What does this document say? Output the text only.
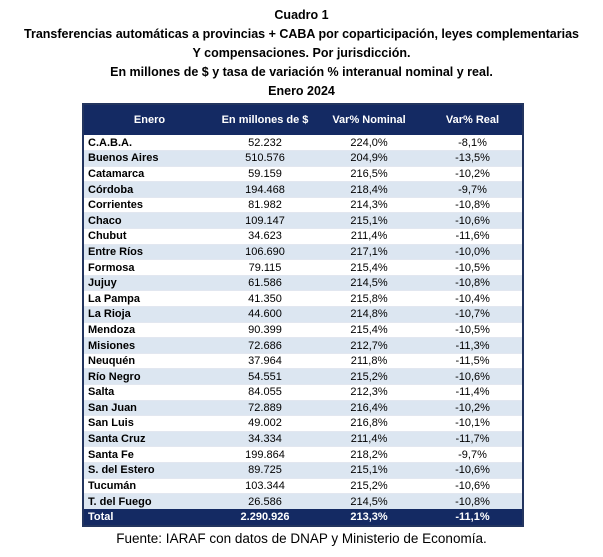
Cuadro 1
Transferencias automáticas a provincias + CABA por coparticipación, leyes complementarias
Y compensaciones. Por jurisdicción.
En millones de $ y tasa de variación % interanual nominal y real.
Enero 2024
Enero	En millones de $	Var% Nominal	Var% Real
C.A.B.A.	52.232	224,0%	-8,1%
Buenos Aires	510.576	204,9%	-13,5%
Catamarca	59.159	216,5%	-10,2%
Córdoba	194.468	218,4%	-9,7%
Corrientes	81.982	214,3%	-10,8%
Chaco	109.147	215,1%	-10,6%
Chubut	34.623	211,4%	-11,6%
Entre Ríos	106.690	217,1%	-10,0%
Formosa	79.115	215,4%	-10,5%
Jujuy	61.586	214,5%	-10,8%
La Pampa	41.350	215,8%	-10,4%
La Rioja	44.600	214,8%	-10,7%
Mendoza	90.399	215,4%	-10,5%
Misiones	72.686	212,7%	-11,3%
Neuquén	37.964	211,8%	-11,5%
Río Negro	54.551	215,2%	-10,6%
Salta	84.055	212,3%	-11,4%
San Juan	72.889	216,4%	-10,2%
San Luis	49.002	216,8%	-10,1%
Santa Cruz	34.334	211,4%	-11,7%
Santa Fe	199.864	218,2%	-9,7%
S. del Estero	89.725	215,1%	-10,6%
Tucumán	103.344	215,2%	-10,6%
T. del Fuego	26.586	214,5%	-10,8%
Total	2.290.926	213,3%	-11,1%
Fuente: IARAF con datos de DNAP y Ministerio de Economía.
